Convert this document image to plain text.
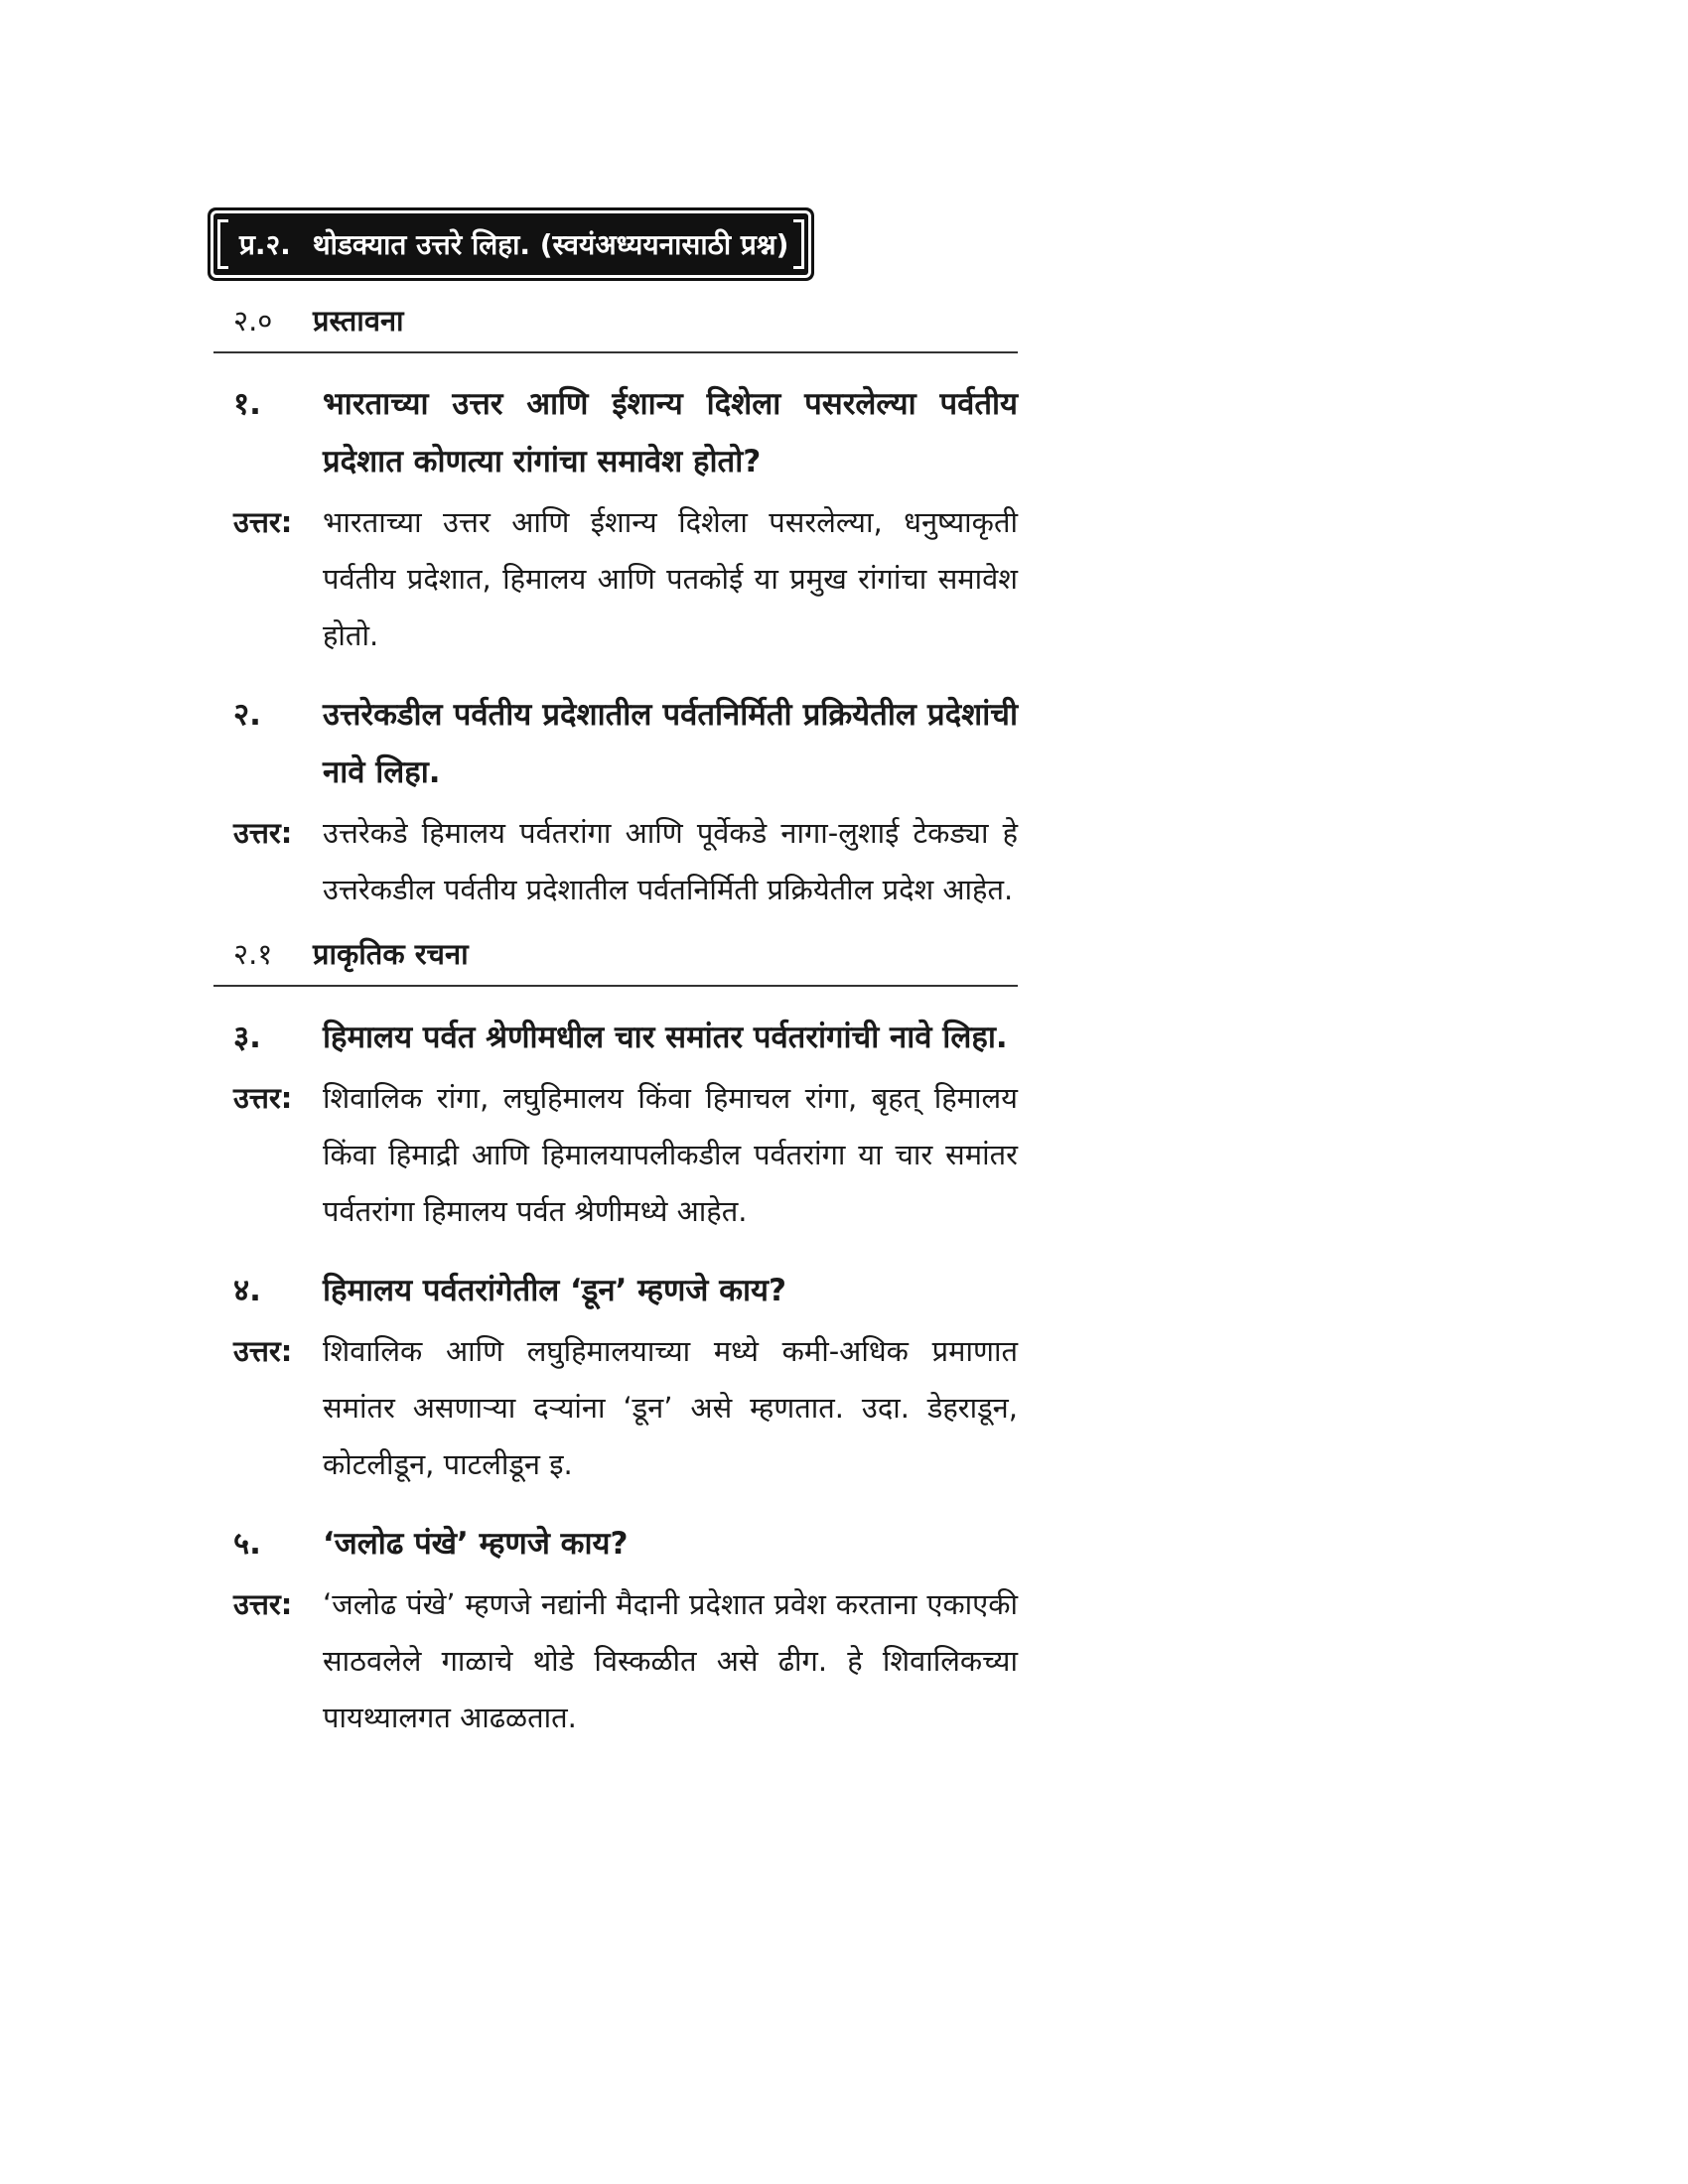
प्र.२. थोडक्यात उत्तरे लिहा. (स्वयंअध्ययनासाठी प्रश्न)
२.०	प्रस्तावना
१.	भारताच्या उत्तर आणि ईशान्य दिशेला पसरलेल्या पर्वतीय प्रदेशात कोणत्या रांगांचा समावेश होतो?
उत्तर:	भारताच्या उत्तर आणि ईशान्य दिशेला पसरलेल्या, धनुष्याकृती पर्वतीय प्रदेशात, हिमालय आणि पतकोई या प्रमुख रांगांचा समावेश होतो.
२.	उत्तरेकडील पर्वतीय प्रदेशातील पर्वतनिर्मिती प्रक्रियेतील प्रदेशांची नावे लिहा.
उत्तर:	उत्तरेकडे हिमालय पर्वतरांगा आणि पूर्वेकडे नागा-लुशाई टेकड्या हे उत्तरेकडील पर्वतीय प्रदेशातील पर्वतनिर्मिती प्रक्रियेतील प्रदेश आहेत.
२.१	प्राकृतिक रचना
३.	हिमालय पर्वत श्रेणीमधील चार समांतर पर्वतरांगांची नावे लिहा.
उत्तर:	शिवालिक रांगा, लघुहिमालय किंवा हिमाचल रांगा, बृहत् हिमालय किंवा हिमाद्री आणि हिमालयापलीकडील पर्वतरांगा या चार समांतर पर्वतरांगा हिमालय पर्वत श्रेणीमध्ये आहेत.
४.	हिमालय पर्वतरांगेतील ‘डून’ म्हणजे काय?
उत्तर:	शिवालिक आणि लघुहिमालयाच्या मध्ये कमी-अधिक प्रमाणात समांतर असणाऱ्या दऱ्यांना ‘डून’ असे म्हणतात. उदा. डेहराडून, कोटलीडून, पाटलीडून इ.
५.	‘जलोढ पंखे’ म्हणजे काय?
उत्तर:	‘जलोढ पंखे’ म्हणजे नद्यांनी मैदानी प्रदेशात प्रवेश करताना एकाएकी साठवलेले गाळाचे थोडे विस्कळीत असे ढीग. हे शिवालिकच्या पायथ्यालगत आढळतात.
